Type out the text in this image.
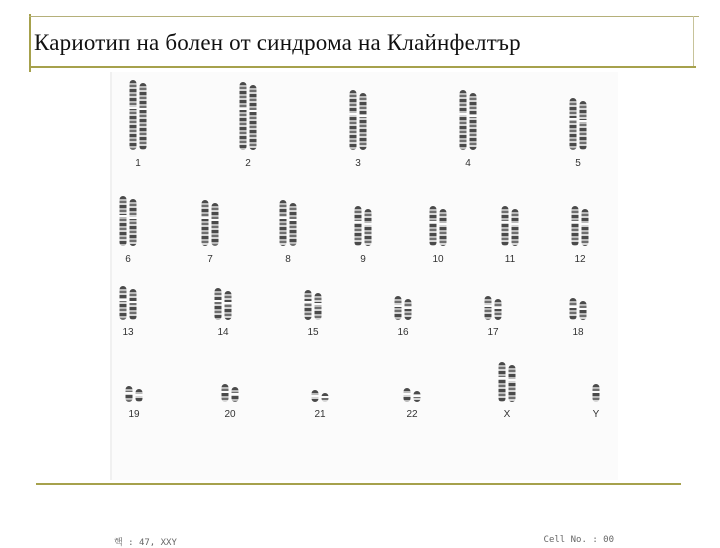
Кариотип на болен от синдрома на Клайнфелтър
핵 : 47, XXY	Cell No. : 00
1	2	3	4	5
6	7	8	9	10	11	12
13	14	15	16	17	18
19	20	21	22	X	Y
